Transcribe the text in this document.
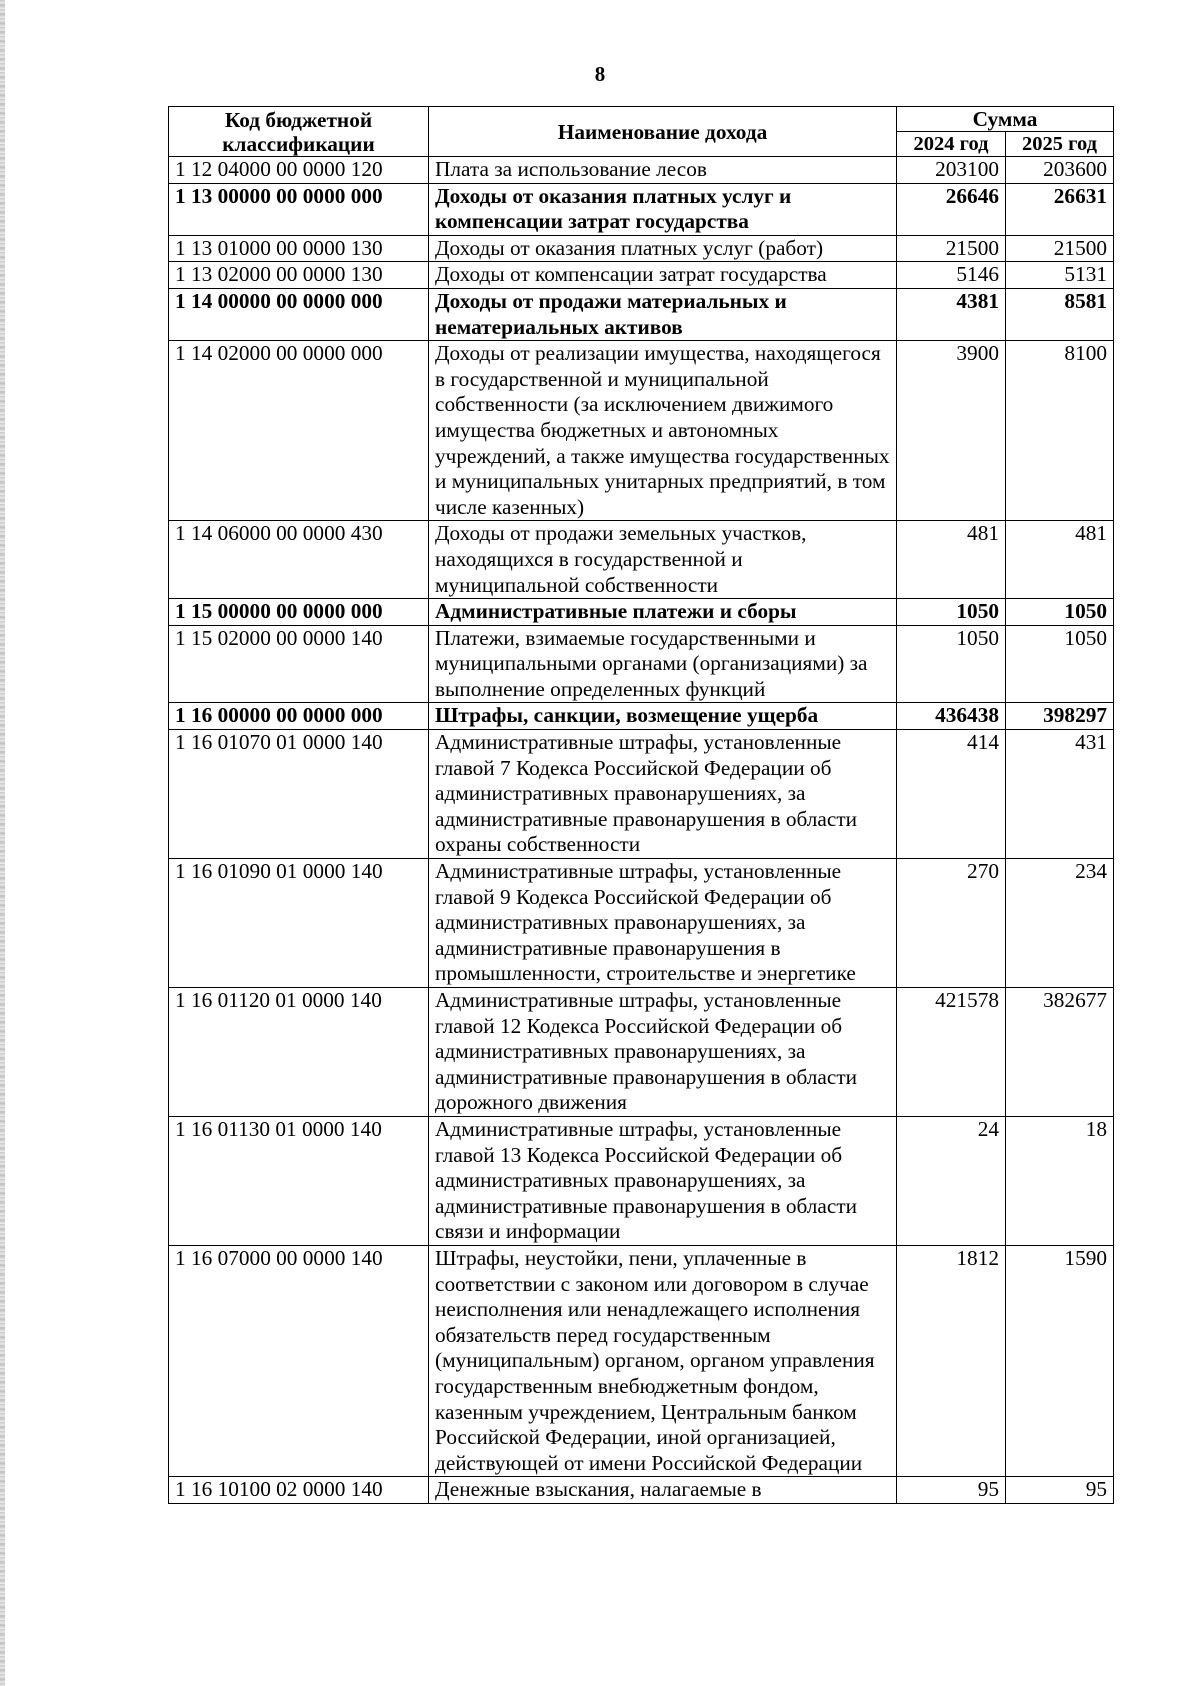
8
Код бюджетной классификации	Наименование дохода	Сумма	
		2024 год	2025 год
1 12 04000 00 0000 120	Плата за использование лесов	203100	203600
1 13 00000 00 0000 000	Доходы от оказания платных услуг и компенсации затрат государства	26646	26631
1 13 01000 00 0000 130	Доходы от оказания платных услуг (работ)	21500	21500
1 13 02000 00 0000 130	Доходы от компенсации затрат государства	5146	5131
1 14 00000 00 0000 000	Доходы от продажи материальных и нематериальных активов	4381	8581
1 14 02000 00 0000 000	Доходы от реализации имущества, находящегося в государственной и муниципальной собственности (за исключением движимого имущества бюджетных и автономных учреждений, а также имущества государственных и муниципальных унитарных предприятий, в том числе казенных)	3900	8100
1 14 06000 00 0000 430	Доходы от продажи земельных участков, находящихся в государственной и муниципальной собственности	481	481
1 15 00000 00 0000 000	Административные платежи и сборы	1050	1050
1 15 02000 00 0000 140	Платежи, взимаемые государственными и муниципальными органами (организациями) за выполнение определенных функций	1050	1050
1 16 00000 00 0000 000	Штрафы, санкции, возмещение ущерба	436438	398297
1 16 01070 01 0000 140	Административные штрафы, установленные главой 7 Кодекса Российской Федерации об административных правонарушениях, за административные правонарушения в области охраны собственности	414	431
1 16 01090 01 0000 140	Административные штрафы, установленные главой 9 Кодекса Российской Федерации об административных правонарушениях, за административные правонарушения в промышленности, строительстве и энергетике	270	234
1 16 01120 01 0000 140	Административные штрафы, установленные главой 12 Кодекса Российской Федерации об административных правонарушениях, за административные правонарушения в области дорожного движения	421578	382677
1 16 01130 01 0000 140	Административные штрафы, установленные главой 13 Кодекса Российской Федерации об административных правонарушениях, за административные правонарушения в области связи и информации	24	18
1 16 07000 00 0000 140	Штрафы, неустойки, пени, уплаченные в соответствии с законом или договором в случае неисполнения или ненадлежащего исполнения обязательств перед государственным (муниципальным) органом, органом управления государственным внебюджетным фондом, казенным учреждением, Центральным банком Российской Федерации, иной организацией, действующей от имени Российской Федерации	1812	1590
1 16 10100 02 0000 140	Денежные взыскания, налагаемые в	95	95
